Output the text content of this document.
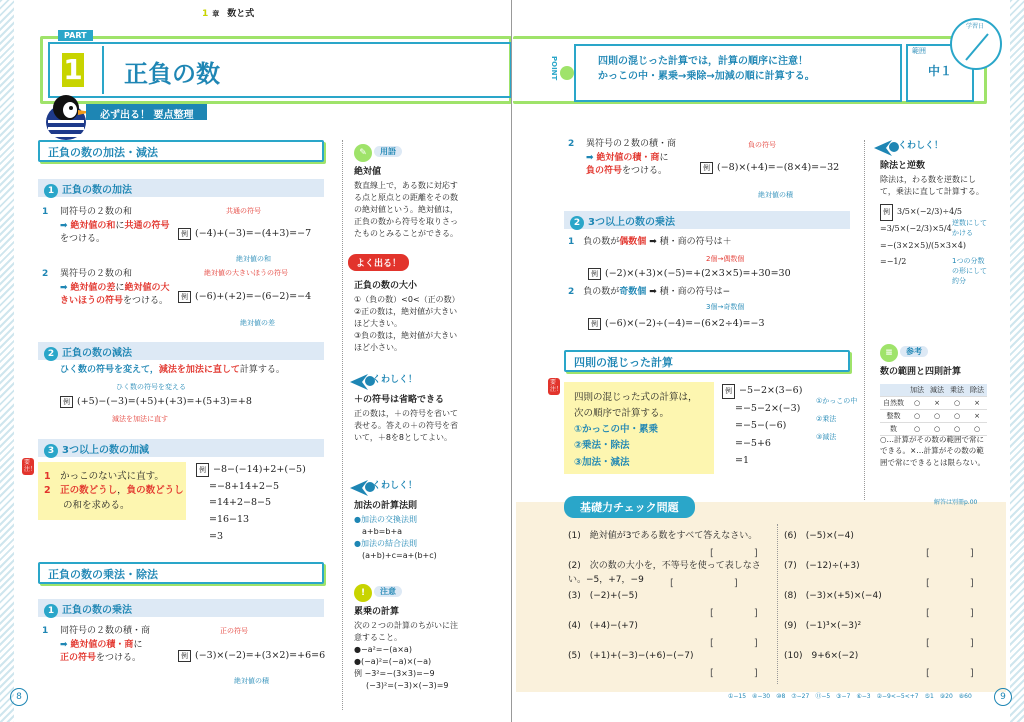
1 章 数と式
PART
1 正負の数
必ず出る！ 要点整理
正負の数の加法・減法
1 正負の数の加法
1 同符号の２数の和
➡ 絶対値の和に共通の符号
をつける。
共通の符号
例 (−4)+(−3)=−(4+3)=−7
絶対値の和
2 異符号の２数の和
➡ 絶対値の差に絶対値の大
きいほうの符号をつける。
絶対値の大きいほうの符号
例 (−6)+(+2)=−(6−2)=−4
絶対値の差
2 正負の数の減法
ひく数の符号を変えて，減法を加法に直して計算する。
ひく数の符号を変える
例 (+5)−(−3)=(+5)+(+3)=+(5+3)=+8
減法を加法に直す
3 3つ以上の数の加減
要注！
1　 かっこのない式に直す。
2　 正の数どうし，負の数どうし
　　の和を求める。
例 −8−(−14)+2+(−5)
=−8+14+2−5
=14+2−8−5
=16−13
=3
正負の数の乗法・除法
1 正負の数の乗法
1 同符号の２数の積・商
➡ 絶対値の積・商に
正の符号をつける。
正の符号
例 (−3)×(−2)=+(3×2)=+6=6
絶対値の積
✎	用語
絶対値
数直線上で，ある数に対応する点と原点との距離をその数の絶対値という。絶対値は，正負の数から符号を取りさったものとみることができる。
よく出る！
正負の数の大小
①（負の数）<0<（正の数）
②正の数は，絶対値が大きいほど大きい。
③負の数は，絶対値が大きいほど小さい。
くわしく！
＋の符号は省略できる
正の数は，＋の符号を省いて表せる。答えの＋の符号を省いて，＋8を8としてよい。
くわしく！
加法の計算法則
●加法の交換法則
a+b=b+a
●加法の結合法則
(a+b)+c=a+(b+c)
!	注意
累乗の計算
次の２つの計算のちがいに注意すること。
●−a²=−(a×a)
●(−a)²=(−a)×(−a)
例 −3²=−(3×3)=−9
(−3)²=(−3)×(−3)=9
8
POINT	四則の混じった計算では，計算の順序に注意！
かっこの中・累乗→乗除→加減の順に計算する。
範囲
中１
学習日
2 異符号の２数の積・商
➡ 絶対値の積・商に
負の符号をつける。
負の符号
例 (−8)×(+4)=−(8×4)=−32
絶対値の積
2 3つ以上の数の乗法
1　 負の数が偶数個 ➡ 積・商の符号は＋
2個→偶数個
例 (−2)×(+3)×(−5)=+(2×3×5)=+30=30
2　 負の数が奇数個 ➡ 積・商の符号は−
3個→奇数個
例 (−6)×(−2)÷(−4)=−(6×2÷4)=−3
四則の混じった計算
要注！
四則の混じった式の計算は，
次の順序で計算する。
①かっこの中・累乗
②乗法・除法
③加法・減法
例 −5−2×(3−6)
=−5−2×(−3)
=−5−(−6)
=−5+6
=1
①かっこの中
②乗法
③減法
くわしく！
除法と逆数
除法は，わる数を逆数にして，乗法に直して計算する。
例 3/5×(−2/3)÷4/5
=3/5×(−2/3)×5/4
=−(3×2×5)/(5×3×4)
=−1/2
逆数にしてかける
1つの分数の形にして約分
≡	参考
数の範囲と四則計算
	加法	減法	乗法	除法
自然数	○	×	○	×
整数	○	○	○	×
数	○	○	○	○
○…計算がその数の範囲で常にできる。×…計算がその数の範囲で常にできるとは限らない。
基礎力チェック問題	解答は別冊p.00
(1)　絶対値が3である数をすべて答えなさい。
[　　　　]
(2)　次の数の大小を，不等号を使って表しなさい。 −5，+7，−9	[　　　　]
(3)　(−2)+(−5)
[　　　　]
(4)　(+4)−(+7)
[　　　　]
(5)　(+1)+(−3)−(+6)−(−7)
[　　　　]
(6)　(−5)×(−4)
[　　　　]
(7)　(−12)÷(+3)
[　　　　]
(8)　(−3)×(+5)×(−4)
[　　　　]
(9)　(−1)³×(−3)²
[　　　　]
(10)　9+6×(−2)
[　　　　]
①−15　④−30　⑩8　⑦−27　⑪−5　③−7　⑥−3　②−9<−5<+7　⑤1　⑨20　⑧60	9
